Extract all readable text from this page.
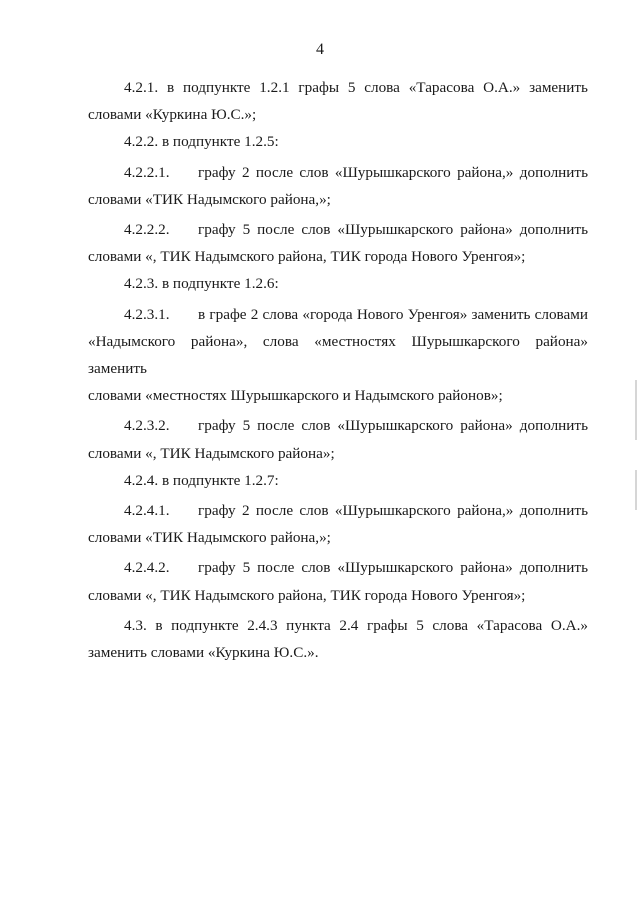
4

4.2.1. в подпункте 1.2.1 графы 5 слова «Тарасова О.А.» заменить
словами «Куркина Ю.С.»;

4.2.2. в подпункте 1.2.5:

4.2.2.1. графу 2 после слов «Шурышкарского района,» дополнить
словами «ТИК Надымского района,»;

4.2.2.2. графу 5 после слов «Шурышкарского района» дополнить
словами «, ТИК Надымского района, ТИК города Нового Уренгоя»;

4.2.3. в подпункте 1.2.6:

4.2.3.1. в графе 2 слова «города Нового Уренгоя» заменить словами
«Надымского района», слова «местностях Шурышкарского района» заменить
словами «местностях Шурышкарского и Надымского районов»;

4.2.3.2. графу 5 после слов «Шурышкарского района» дополнить
словами «, ТИК Надымского района»;

4.2.4. в подпункте 1.2.7:

4.2.4.1. графу 2 после слов «Шурышкарского района,» дополнить
словами «ТИК Надымского района,»;

4.2.4.2. графу 5 после слов «Шурышкарского района» дополнить
словами «, ТИК Надымского района, ТИК города Нового Уренгоя»;

4.3. в подпункте 2.4.3 пункта 2.4 графы 5 слова «Тарасова О.А.»
заменить словами «Куркина Ю.С.».
